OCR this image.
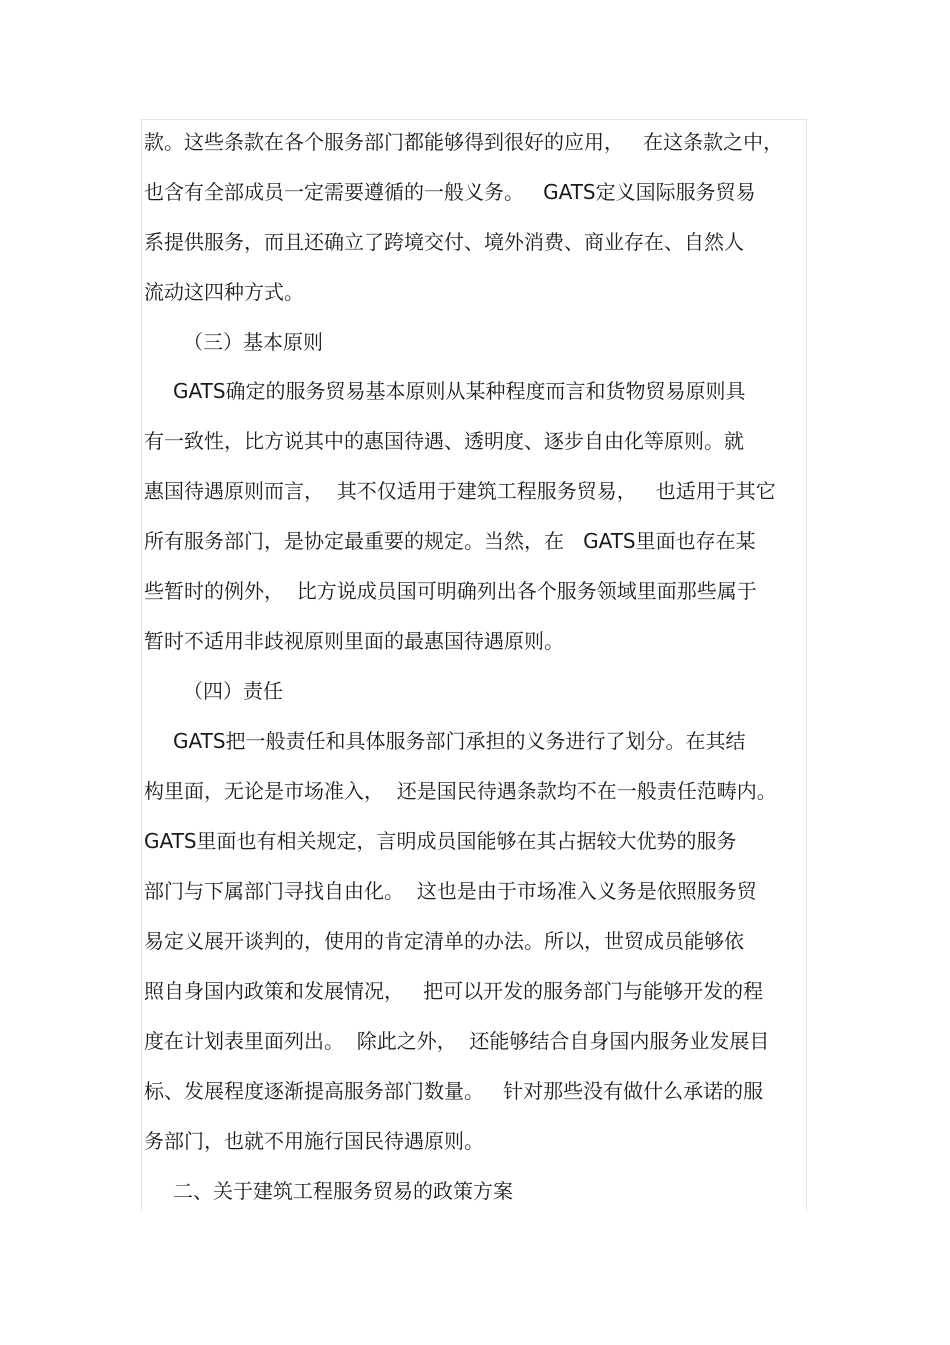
款。这些条款在各个服务部门都能够得到很好的应用，   在这条款之中，
也含有全部成员一定需要遵循的一般义务。   GATS定义国际服务贸易
系提供服务，而且还确立了跨境交付、境外消费、商业存在、自然人
流动这四种方式。
（三）基本原则
GATS确定的服务贸易基本原则从某种程度而言和货物贸易原则具
有一致性，比方说其中的惠国待遇、透明度、逐步自由化等原则。就
惠国待遇原则而言，  其不仅适用于建筑工程服务贸易，   也适用于其它
所有服务部门，是协定最重要的规定。当然，在   GATS里面也存在某
些暂时的例外，  比方说成员国可明确列出各个服务领域里面那些属于
暂时不适用非歧视原则里面的最惠国待遇原则。
（四）责任
GATS把一般责任和具体服务部门承担的义务进行了划分。在其结
构里面，无论是市场准入，  还是国民待遇条款均不在一般责任范畴内。
GATS里面也有相关规定，言明成员国能够在其占据较大优势的服务
部门与下属部门寻找自由化。  这也是由于市场准入义务是依照服务贸
易定义展开谈判的，使用的肯定清单的办法。所以，世贸成员能够依
照自身国内政策和发展情况，   把可以开发的服务部门与能够开发的程
度在计划表里面列出。  除此之外，  还能够结合自身国内服务业发展目
标、发展程度逐渐提高服务部门数量。   针对那些没有做什么承诺的服
务部门，也就不用施行国民待遇原则。
二、关于建筑工程服务贸易的政策方案
